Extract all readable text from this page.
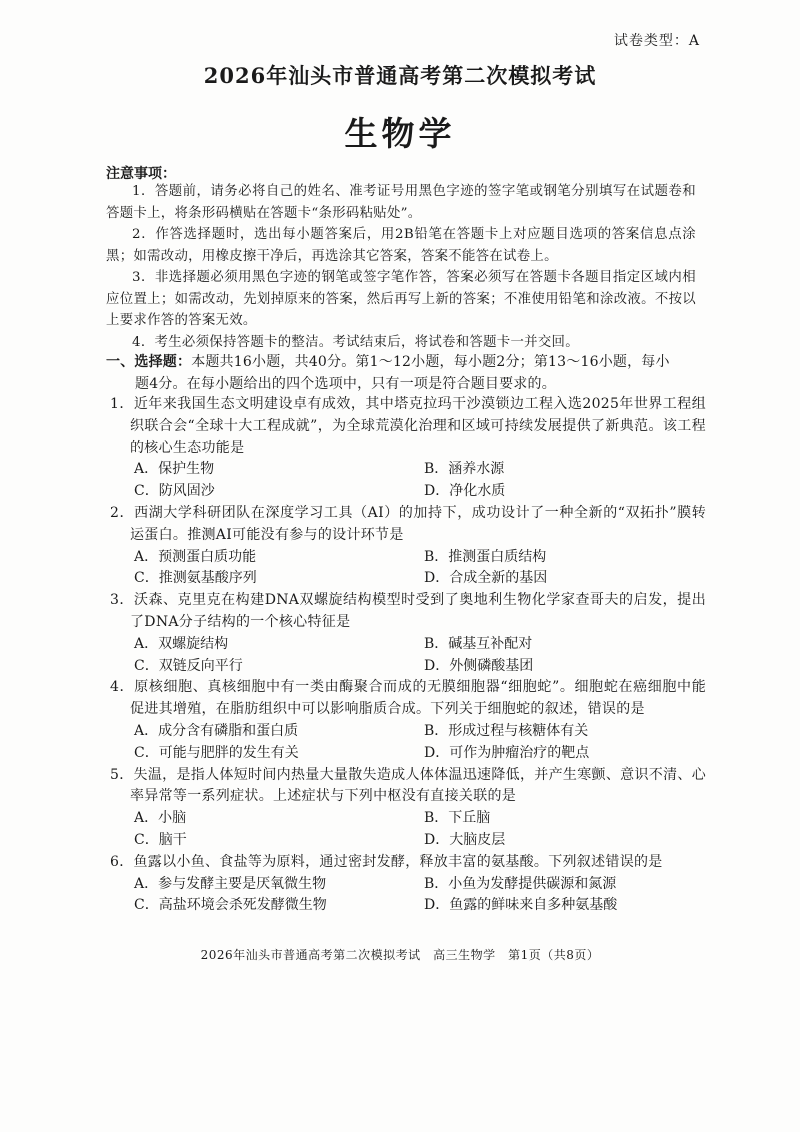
试卷类型：A
2026年汕头市普通高考第二次模拟考试
生物学
注意事项：

1．答题前，请务必将自己的姓名、准考证号用黑色字迹的签字笔或钢笔分别填写在试题卷和答题卡上，将条形码横贴在答题卡“条形码粘贴处”。

2．作答选择题时，选出每小题答案后，用2B铅笔在答题卡上对应题目选项的答案信息点涂黑；如需改动，用橡皮擦干净后，再选涂其它答案，答案不能答在试卷上。

3．非选择题必须用黑色字迹的钢笔或签字笔作答，答案必须写在答题卡各题目指定区域内相应位置上；如需改动，先划掉原来的答案，然后再写上新的答案；不准使用铅笔和涂改液。不按以上要求作答的答案无效。

4．考生必须保持答题卡的整洁。考试结束后，将试卷和答题卡一并交回。

一、选择题：本题共16小题，共40分。第1～12小题，每小题2分；第13～16小题，每小
题4分。在每小题给出的四个选项中，只有一项是符合题目要求的。
1．近年来我国生态文明建设卓有成效，其中塔克拉玛干沙漠锁边工程入选2025年世界工程组织联合会“全球十大工程成就”，为全球荒漠化治理和区域可持续发展提供了新典范。该工程的核心生态功能是
A．保护生物	B．涵养水源
C．防风固沙	D．净化水质
2．西湖大学科研团队在深度学习工具（AI）的加持下，成功设计了一种全新的“双拓扑”膜转运蛋白。推测AI可能没有参与的设计环节是
A．预测蛋白质功能	B．推测蛋白质结构
C．推测氨基酸序列	D．合成全新的基因
3．沃森、克里克在构建DNA双螺旋结构模型时受到了奥地利生物化学家查哥夫的启发，提出了DNA分子结构的一个核心特征是
A．双螺旋结构	B．碱基互补配对
C．双链反向平行	D．外侧磷酸基团
4．原核细胞、真核细胞中有一类由酶聚合而成的无膜细胞器“细胞蛇”。细胞蛇在癌细胞中能促进其增殖，在脂肪组织中可以影响脂质合成。下列关于细胞蛇的叙述，错误的是
A．成分含有磷脂和蛋白质	B．形成过程与核糖体有关
C．可能与肥胖的发生有关	D．可作为肿瘤治疗的靶点
5．失温，是指人体短时间内热量大量散失造成人体体温迅速降低，并产生寒颤、意识不清、心率异常等一系列症状。上述症状与下列中枢没有直接关联的是
A．小脑	B．下丘脑
C．脑干	D．大脑皮层
6．鱼露以小鱼、食盐等为原料，通过密封发酵，释放丰富的氨基酸。下列叙述错误的是
A．参与发酵主要是厌氧微生物	B．小鱼为发酵提供碳源和氮源
C．高盐环境会杀死发酵微生物	D．鱼露的鲜味来自多种氨基酸
2026年汕头市普通高考第二次模拟考试　高三生物学　第1页（共8页）
